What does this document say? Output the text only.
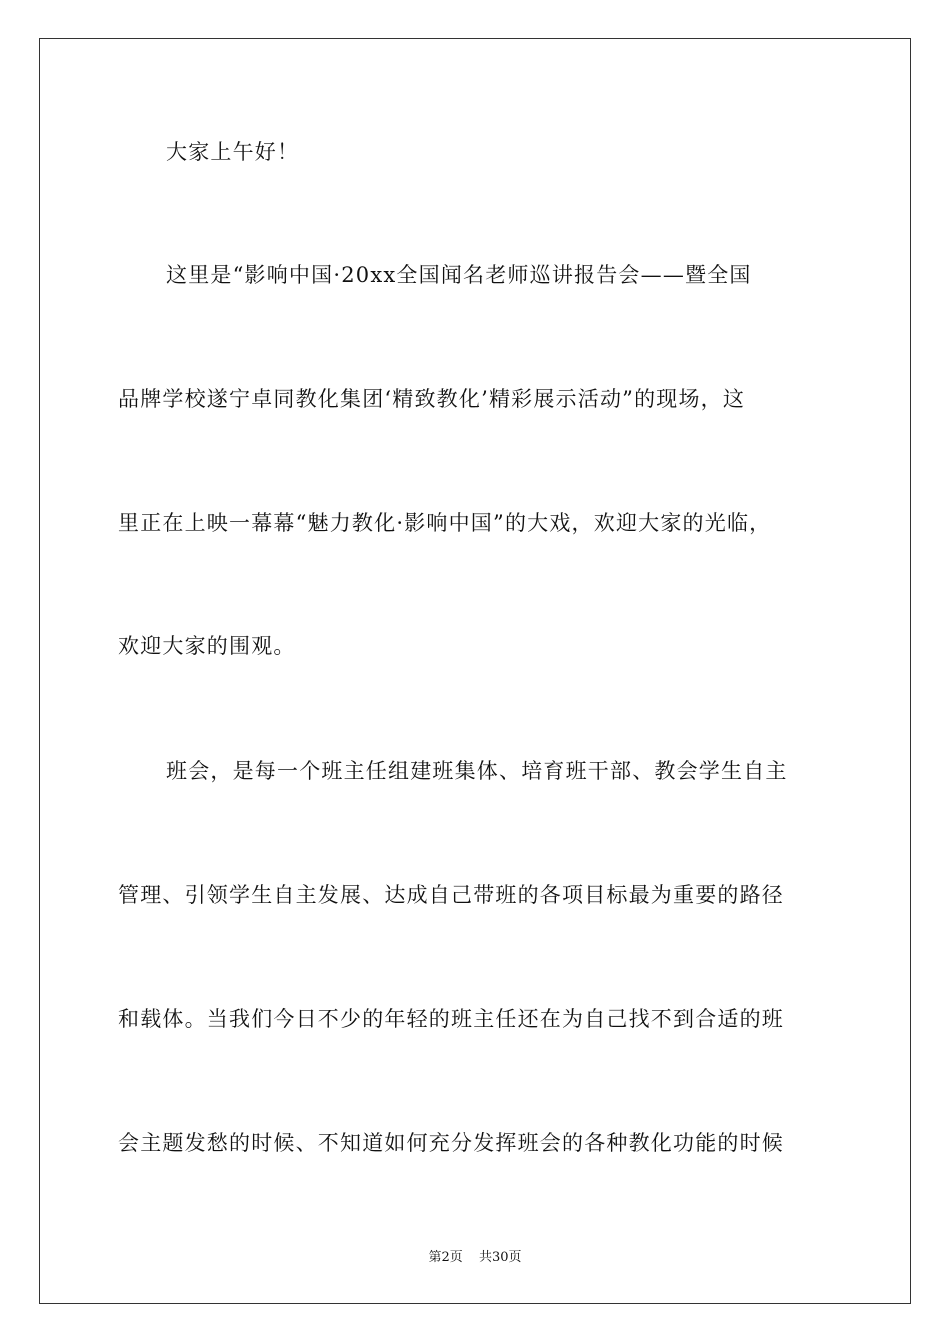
大家上午好！
这里是“影响中国·20xx全国闻名老师巡讲报告会——暨全国
品牌学校遂宁卓同教化集团‘精致教化’精彩展示活动”的现场，这
里正在上映一幕幕“魅力教化·影响中国”的大戏，欢迎大家的光临，
欢迎大家的围观。
班会，是每一个班主任组建班集体、培育班干部、教会学生自主
管理、引领学生自主发展、达成自己带班的各项目标最为重要的路径
和载体。当我们今日不少的年轻的班主任还在为自己找不到合适的班
会主题发愁的时候、不知道如何充分发挥班会的各种教化功能的时候
第2页 共30页
